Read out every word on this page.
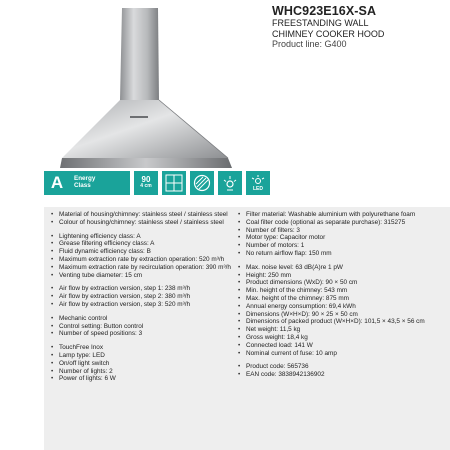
WHC923E16X-SA
FREESTANDING WALL
CHIMNEY COOKER HOOD
Product line: G400
A	Energy
Class
90
4 cm	LED
• Material of housing/chimney: stainless steel / stainless steel
• Colour of housing/chimney: stainless steel / stainless steel
• Lightening efficiency class: A
• Grease filtering efficiency class: A
• Fluid dynamic efficiency class: B
• Maximum extraction rate by extraction operation: 520 m³/h
• Maximum extraction rate by recirculation operation: 390 m³/h
• Venting tube diameter: 15 cm
• Air flow by extraction version, step 1: 238 m³/h
• Air flow by extraction version, step 2: 380 m³/h
• Air flow by extraction version, step 3: 520 m³/h
• Mechanic control
• Control setting: Button control
• Number of speed positions: 3
• TouchFree Inox
• Lamp type: LED
• On/off light switch
• Number of lights: 2
• Power of lights: 6 W
• Filter material: Washable aluminium with polyurethane foam
• Coal filter code (optional as separate purchase): 315275
• Number of filters: 3
• Motor type: Capacitor motor
• Number of motors: 1
• No return airflow flap: 150 mm
• Max. noise level: 63 dB(A)re 1 pW
• Height: 250 mm
• Product dimensions (WxD): 90 × 50 cm
• Min. height of the chimney: 543 mm
• Max. height of the chimney: 875 mm
• Annual energy consumption: 69,4 kWh
• Dimensions (W×H×D): 90 × 25 × 50 cm
• Dimensions of packed product (W×H×D): 101,5 × 43,5 × 56 cm
• Net weight: 11,5 kg
• Gross weight: 18,4 kg
• Connected load: 141 W
• Nominal current of fuse: 10 amp
• Product code: 565736
• EAN code: 3838942136902
